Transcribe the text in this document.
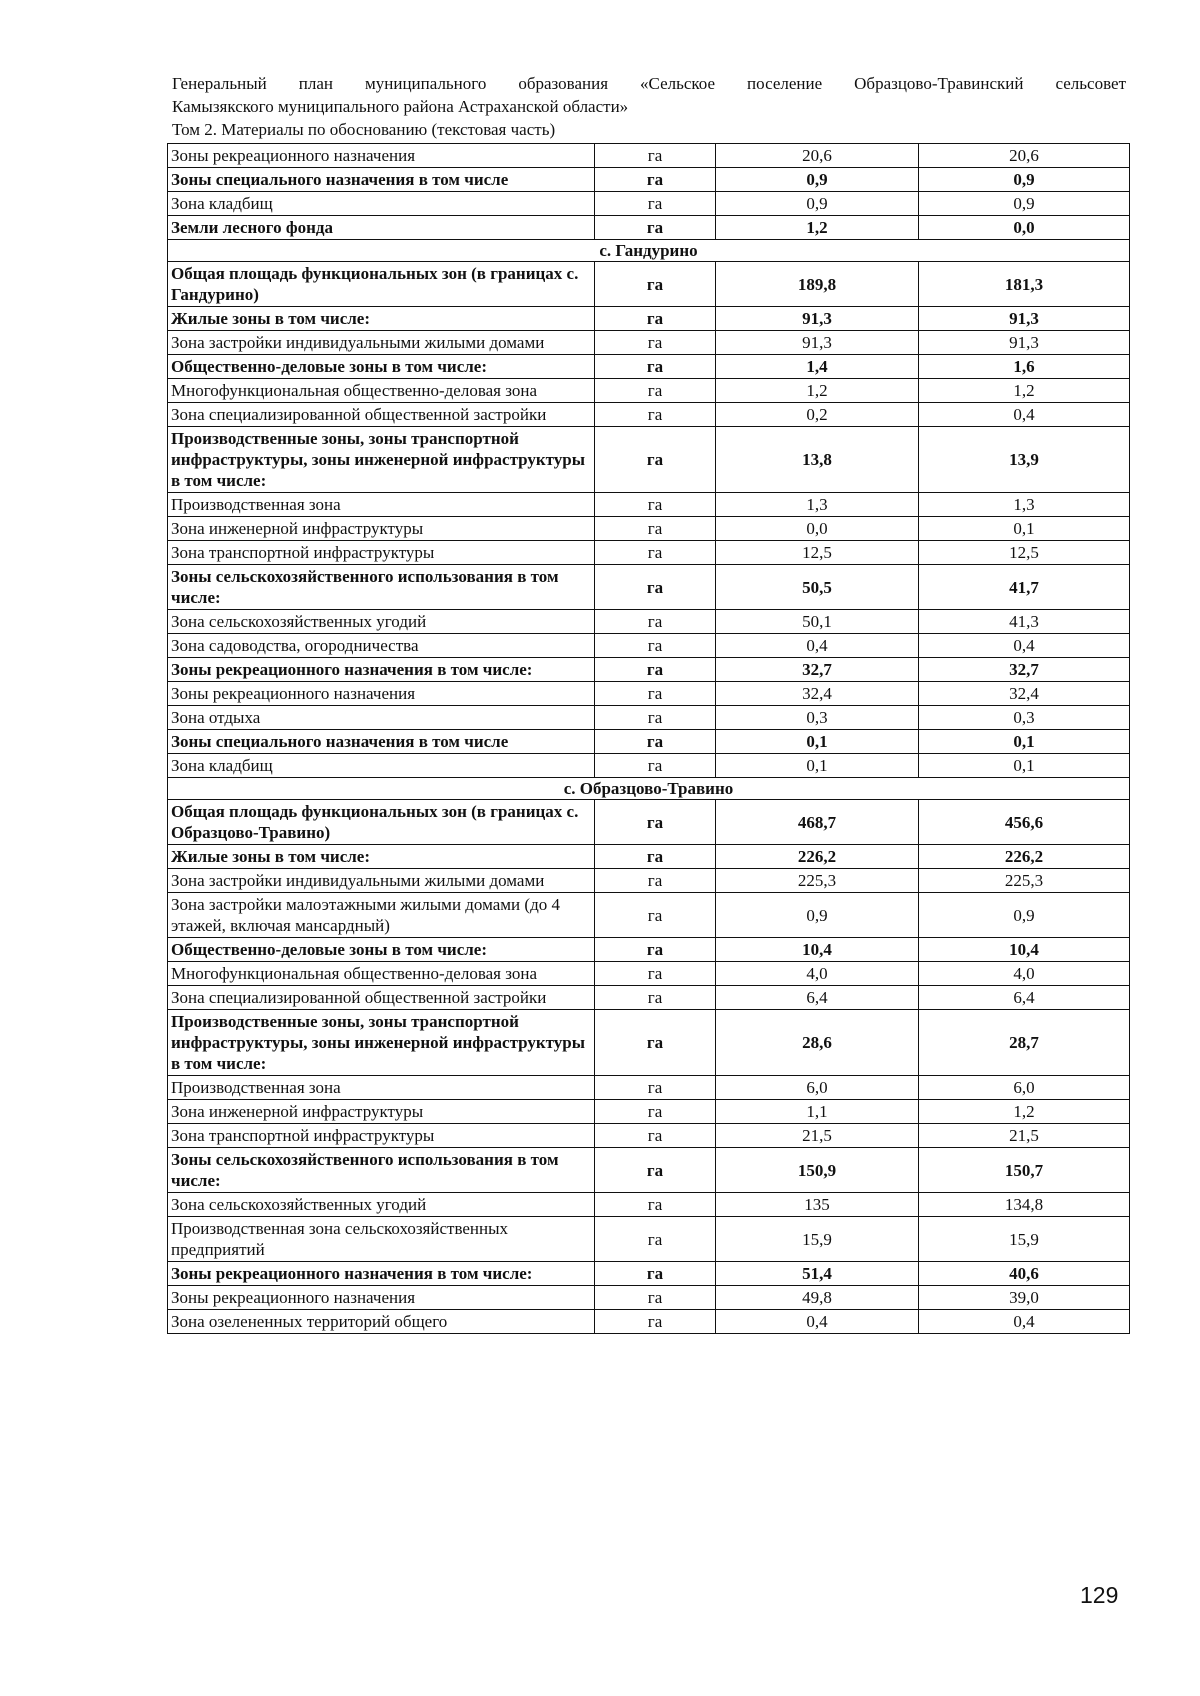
Генеральный план муниципального образования «Сельское поселение Образцово-Травинский сельсовет
Камызякского муниципального района Астраханской области»
Том 2. Материалы по обоснованию (текстовая часть)
Зоны рекреационного назначения	га	20,6	20,6
Зоны специального назначения в том числе	га	0,9	0,9
Зона кладбищ	га	0,9	0,9
Земли лесного фонда	га	1,2	0,0
с. Гандурино			
Общая площадь функциональных зон (в границах с. Гандурино)	га	189,8	181,3
Жилые зоны в том числе:	га	91,3	91,3
Зона застройки индивидуальными жилыми домами	га	91,3	91,3
Общественно-деловые зоны в том числе:	га	1,4	1,6
Многофункциональная общественно-деловая зона	га	1,2	1,2
Зона специализированной общественной застройки	га	0,2	0,4
Производственные зоны, зоны транспортной инфраструктуры, зоны инженерной инфраструктуры в том числе:	га	13,8	13,9
Производственная зона	га	1,3	1,3
Зона инженерной инфраструктуры	га	0,0	0,1
Зона транспортной инфраструктуры	га	12,5	12,5
Зоны сельскохозяйственного использования в том числе:	га	50,5	41,7
Зона сельскохозяйственных угодий	га	50,1	41,3
Зона садоводства, огородничества	га	0,4	0,4
Зоны рекреационного назначения в том числе:	га	32,7	32,7
Зоны рекреационного назначения	га	32,4	32,4
Зона отдыха	га	0,3	0,3
Зоны специального назначения в том числе	га	0,1	0,1
Зона кладбищ	га	0,1	0,1
с. Образцово-Травино			
Общая площадь функциональных зон (в границах с. Образцово-Травино)	га	468,7	456,6
Жилые зоны в том числе:	га	226,2	226,2
Зона застройки индивидуальными жилыми домами	га	225,3	225,3
Зона застройки малоэтажными жилыми домами (до 4 этажей, включая мансардный)	га	0,9	0,9
Общественно-деловые зоны в том числе:	га	10,4	10,4
Многофункциональная общественно-деловая зона	га	4,0	4,0
Зона специализированной общественной застройки	га	6,4	6,4
Производственные зоны, зоны транспортной инфраструктуры, зоны инженерной инфраструктуры в том числе:	га	28,6	28,7
Производственная зона	га	6,0	6,0
Зона инженерной инфраструктуры	га	1,1	1,2
Зона транспортной инфраструктуры	га	21,5	21,5
Зоны сельскохозяйственного использования в том числе:	га	150,9	150,7
Зона сельскохозяйственных угодий	га	135	134,8
Производственная зона сельскохозяйственных предприятий	га	15,9	15,9
Зоны рекреационного назначения в том числе:	га	51,4	40,6
Зоны рекреационного назначения	га	49,8	39,0
Зона озелененных территорий общего	га	0,4	0,4
129
